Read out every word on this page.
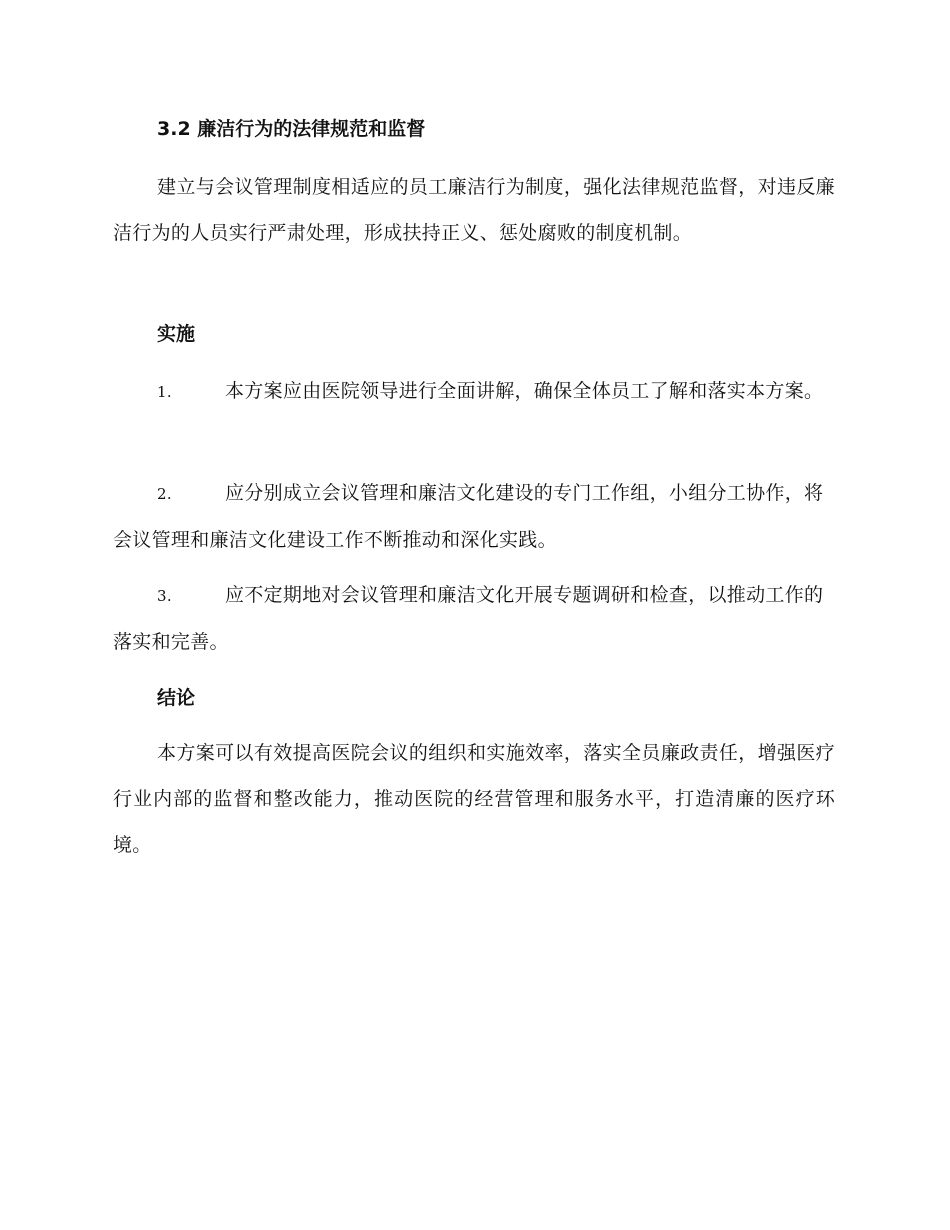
3.2 廉洁行为的法律规范和监督

建立与会议管理制度相适应的员工廉洁行为制度，强化法律规范监督，对违反廉洁行为的人员实行严肃处理，形成扶持正义、惩处腐败的制度机制。

实施
1.	本方案应由医院领导进行全面讲解，确保全体员工了解和落实本方案。
2.	应分别成立会议管理和廉洁文化建设的专门工作组，小组分工协作，将会议管理和廉洁文化建设工作不断推动和深化实践。
3.	应不定期地对会议管理和廉洁文化开展专题调研和检查，以推动工作的落实和完善。
结论

本方案可以有效提高医院会议的组织和实施效率，落实全员廉政责任，增强医疗行业内部的监督和整改能力，推动医院的经营管理和服务水平，打造清廉的医疗环境。
